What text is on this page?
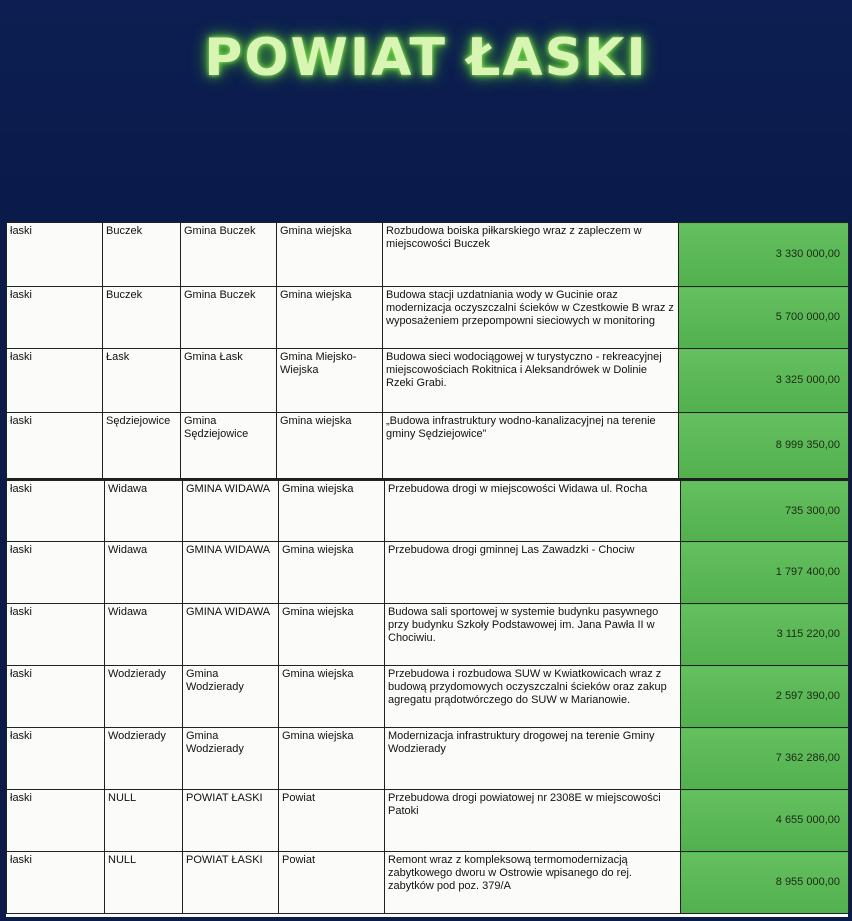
POWIAT ŁASKI
łaski	Buczek	Gmina Buczek	Gmina wiejska	Rozbudowa boiska piłkarskiego wraz z zapleczem w miejscowości Buczek	3 330 000,00
łaski	Buczek	Gmina Buczek	Gmina wiejska	Budowa stacji uzdatniania wody w Gucinie oraz modernizacja oczyszczalni ścieków w Czestkowie B wraz z wyposażeniem przepompowni sieciowych w monitoring	5 700 000,00
łaski	Łask	Gmina Łask	Gmina Miejsko-Wiejska	Budowa sieci wodociągowej w turystyczno - rekreacyjnej miejscowościach Rokitnica i Aleksandrówek w Dolinie Rzeki Grabi.	3 325 000,00
łaski	Sędziejowice	Gmina Sędziejowice	Gmina wiejska	„Budowa infrastruktury wodno-kanalizacyjnej na terenie gminy Sędziejowice”	8 999 350,00
łaski	Widawa	GMINA WIDAWA	Gmina wiejska	Przebudowa drogi w miejscowości Widawa ul. Rocha	735 300,00
łaski	Widawa	GMINA WIDAWA	Gmina wiejska	Przebudowa drogi gminnej Las Zawadzki - Chociw	1 797 400,00
łaski	Widawa	GMINA WIDAWA	Gmina wiejska	Budowa sali sportowej w systemie budynku pasywnego przy budynku Szkoły Podstawowej im. Jana Pawła II w Chociwiu.	3 115 220,00
łaski	Wodzierady	Gmina Wodzierady	Gmina wiejska	Przebudowa i rozbudowa SUW w Kwiatkowicach wraz z budową przydomowych oczyszczalni ścieków oraz zakup agregatu prądotwórczego do SUW w Marianowie.	2 597 390,00
łaski	Wodzierady	Gmina Wodzierady	Gmina wiejska	Modernizacja infrastruktury drogowej na terenie Gminy Wodzierady	7 362 286,00
łaski	NULL	POWIAT ŁASKI	Powiat	Przebudowa drogi powiatowej nr 2308E w miejscowości Patoki	4 655 000,00
łaski	NULL	POWIAT ŁASKI	Powiat	Remont wraz z kompleksową termomodernizacją zabytkowego dworu w Ostrowie wpisanego do rej. zabytków pod poz. 379/A	8 955 000,00
